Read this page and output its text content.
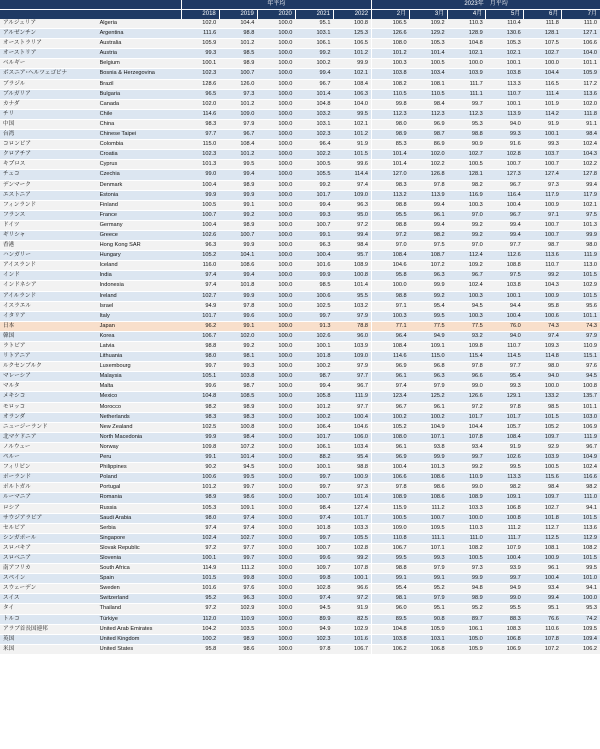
		年平均					2023年　月平均					
		2018	2019	2020	2021	2022	2月	3月	4月	5月	6月	7月
アルジェリア	Algeria	102.0	104.4	100.0	95.1	100.8	106.5	109.2	110.3	110.4	111.8	111.0
アルゼンチン	Argentina	111.6	98.8	100.0	103.1	125.3	126.6	129.2	128.9	130.6	128.1	127.1
オーストラリア	Australia	105.9	101.2	100.0	106.1	106.5	108.0	105.3	104.8	105.3	107.5	106.6
オーストリア	Austria	99.3	98.5	100.0	99.2	101.2	101.2	101.4	102.1	102.1	102.7	104.0
ベルギー	Belgium	100.1	98.9	100.0	100.2	99.9	100.3	100.5	100.0	100.1	100.0	101.1
ボスニア･ヘルツェゴビナ	Bosnia & Herzegovina	102.3	100.7	100.0	99.4	102.1	103.8	103.4	103.9	103.8	104.4	105.9
ブラジル	Brazil	128.6	126.0	100.0	96.7	108.4	108.2	108.1	111.7	113.3	116.5	117.2
ブルガリア	Bulgaria	96.5	97.3	100.0	101.4	106.3	110.5	110.5	111.1	110.7	111.4	113.6
カナダ	Canada	102.0	101.2	100.0	104.8	104.0	99.8	98.4	99.7	100.1	101.9	102.0
チリ	Chile	114.6	109.0	100.0	103.2	99.5	112.3	112.3	112.3	113.9	114.2	111.8
中国	China	98.3	97.9	100.0	103.1	102.1	98.0	96.9	95.3	94.0	91.9	91.1
台湾	Chinese Taipei	97.7	96.7	100.0	102.3	101.2	98.9	98.7	98.8	99.3	100.1	98.4
コロンビア	Colombia	115.0	108.4	100.0	96.4	91.9	85.3	86.9	90.9	91.6	99.3	102.4
クロアチア	Croatia	102.3	101.2	100.0	102.2	101.5	101.4	102.0	102.7	102.8	103.7	104.3
キプロス	Cyprus	101.3	99.5	100.0	100.5	99.6	101.4	102.2	100.5	100.7	100.7	102.2
チェコ	Czechia	99.0	99.4	100.0	105.5	114.4	127.0	126.8	128.1	127.3	127.4	127.8
デンマーク	Denmark	100.4	98.9	100.0	99.2	97.4	98.3	97.8	98.2	96.7	97.3	99.4
エストニア	Estonia	99.9	99.9	100.0	101.7	109.0	113.2	113.9	116.9	116.4	117.9	117.9
フィンランド	Finland	100.5	99.1	100.0	99.4	96.3	98.8	99.4	100.3	100.4	100.9	102.1
フランス	France	100.7	99.2	100.0	99.3	95.0	95.5	96.1	97.0	96.7	97.1	97.5
ドイツ	Germany	100.4	98.9	100.0	100.7	97.2	98.8	99.4	99.2	99.4	100.7	101.3
ギリシャ	Greece	102.6	100.7	100.0	99.1	99.4	97.2	98.2	99.2	99.4	100.7	99.9
香港	Hong Kong SAR	96.3	99.9	100.0	96.3	98.4	97.0	97.5	97.0	97.7	98.7	98.0
ハンガリー	Hungary	105.2	104.1	100.0	100.4	95.7	108.4	108.7	112.4	112.6	113.6	111.9
アイスランド	Iceland	116.0	108.6	100.0	101.6	108.9	104.6	107.2	109.2	108.8	110.7	113.0
インド	India	97.4	99.4	100.0	99.9	100.8	95.8	96.3	96.7	97.5	99.2	101.5
インドネシア	Indonesia	97.4	101.8	100.0	98.5	101.4	100.0	99.9	102.4	103.8	104.3	102.9
アイルランド	Ireland	102.7	99.9	100.0	100.6	95.5	98.8	99.2	100.3	100.1	100.9	101.5
イスラエル	Israel	94.9	97.8	100.0	102.5	103.2	97.1	95.4	94.5	94.4	95.8	95.6
イタリア	Italy	101.7	99.6	100.0	99.7	97.9	100.3	99.5	100.3	100.4	100.6	101.1
日本	Japan	96.2	99.1	100.0	91.3	78.8	77.1	77.5	77.5	76.0	74.3	74.3
韓国	Korea	106.7	102.0	100.0	102.6	96.0	96.4	94.9	93.2	94.0	97.4	97.9
ラトビア	Latvia	98.8	99.2	100.0	100.1	103.9	108.4	109.1	109.8	110.7	109.3	110.9
リトアニア	Lithuania	98.0	98.1	100.0	101.8	109.0	114.6	115.0	115.4	114.5	114.8	115.1
ルクセンブルク	Luxembourg	99.7	99.3	100.0	100.2	97.9	96.9	96.8	97.8	97.7	98.0	97.6
マレーシア	Malaysia	105.1	103.8	100.0	98.7	97.7	96.1	96.3	96.6	95.4	94.0	94.5
マルタ	Malta	99.6	98.7	100.0	99.4	96.7	97.4	97.9	99.0	99.3	100.0	100.8
メキシコ	Mexico	104.8	108.5	100.0	105.8	111.9	123.4	125.2	126.6	129.1	133.2	135.7
モロッコ	Morocco	98.2	98.9	100.0	101.2	97.7	96.7	96.1	97.2	97.8	98.5	101.1
オランダ	Netherlands	98.3	98.3	100.0	100.2	100.4	100.2	100.2	101.7	101.7	101.5	103.0
ニュージーランド	New Zealand	102.5	100.8	100.0	106.4	104.6	105.2	104.9	104.4	105.7	105.2	106.9
北マケドニア	North Macedonia	99.9	98.4	100.0	101.7	106.0	108.0	107.1	107.8	108.4	109.7	111.9
ノルウェー	Norway	109.8	107.2	100.0	106.1	103.4	96.1	93.8	93.4	91.9	92.9	96.7
ペルー	Peru	99.1	101.4	100.0	88.2	95.4	96.9	99.9	99.7	102.6	103.9	104.9
フィリピン	Philippines	90.2	94.5	100.0	100.1	98.8	100.4	101.3	99.2	99.5	100.5	102.4
ポーランド	Poland	100.6	99.5	100.0	99.7	100.9	106.6	108.6	110.9	113.3	115.6	116.6
ポルトガル	Portugal	101.2	99.7	100.0	99.7	97.3	97.8	98.6	99.0	98.2	98.4	98.2
ルーマニア	Romania	98.9	98.6	100.0	100.7	101.4	108.9	108.6	108.9	109.1	109.7	111.0
ロシア	Russia	105.3	109.1	100.0	98.4	127.4	115.9	111.2	103.3	106.8	102.7	94.1
サウジアラビア	Saudi Arabia	98.0	97.4	100.0	97.4	101.7	100.5	100.7	100.0	100.8	101.8	101.5
セルビア	Serbia	97.4	97.4	100.0	101.8	103.3	109.0	109.5	110.3	111.2	112.7	113.6
シンガポール	Singapore	102.4	102.7	100.0	99.7	105.5	110.8	111.1	111.0	111.7	112.5	112.9
スロバキア	Slovak Republic	97.2	97.7	100.0	100.7	102.8	106.7	107.1	108.2	107.9	108.1	108.2
スロベニア	Slovenia	100.1	99.7	100.0	99.6	99.2	99.5	99.3	100.5	100.4	100.9	101.5
南アフリカ	South Africa	114.9	111.2	100.0	109.7	107.8	98.8	97.9	97.3	93.9	96.1	99.5
スペイン	Spain	101.5	99.8	100.0	99.8	100.1	99.1	99.1	99.9	99.7	100.4	101.0
スウェーデン	Sweden	101.6	97.6	100.0	102.8	96.6	95.4	95.2	94.8	94.9	93.4	94.1
スイス	Switzerland	95.2	96.3	100.0	97.4	97.2	98.1	97.9	98.9	99.0	99.4	100.0
タイ	Thailand	97.2	102.9	100.0	94.5	91.9	96.0	95.1	95.2	95.5	95.1	95.3
トルコ	Türkiye	112.0	110.9	100.0	89.9	82.5	89.5	90.8	89.7	88.3	76.6	74.2
アラブ首長国連邦	United Arab Emirates	104.2	103.5	100.0	94.9	102.9	104.8	105.9	106.1	108.3	110.6	109.5
英国	United Kingdom	100.2	98.9	100.0	102.3	101.6	103.8	103.1	105.0	106.8	107.8	109.4
米国	United States	95.8	98.6	100.0	97.8	106.7	106.2	106.8	105.9	106.9	107.2	106.2
